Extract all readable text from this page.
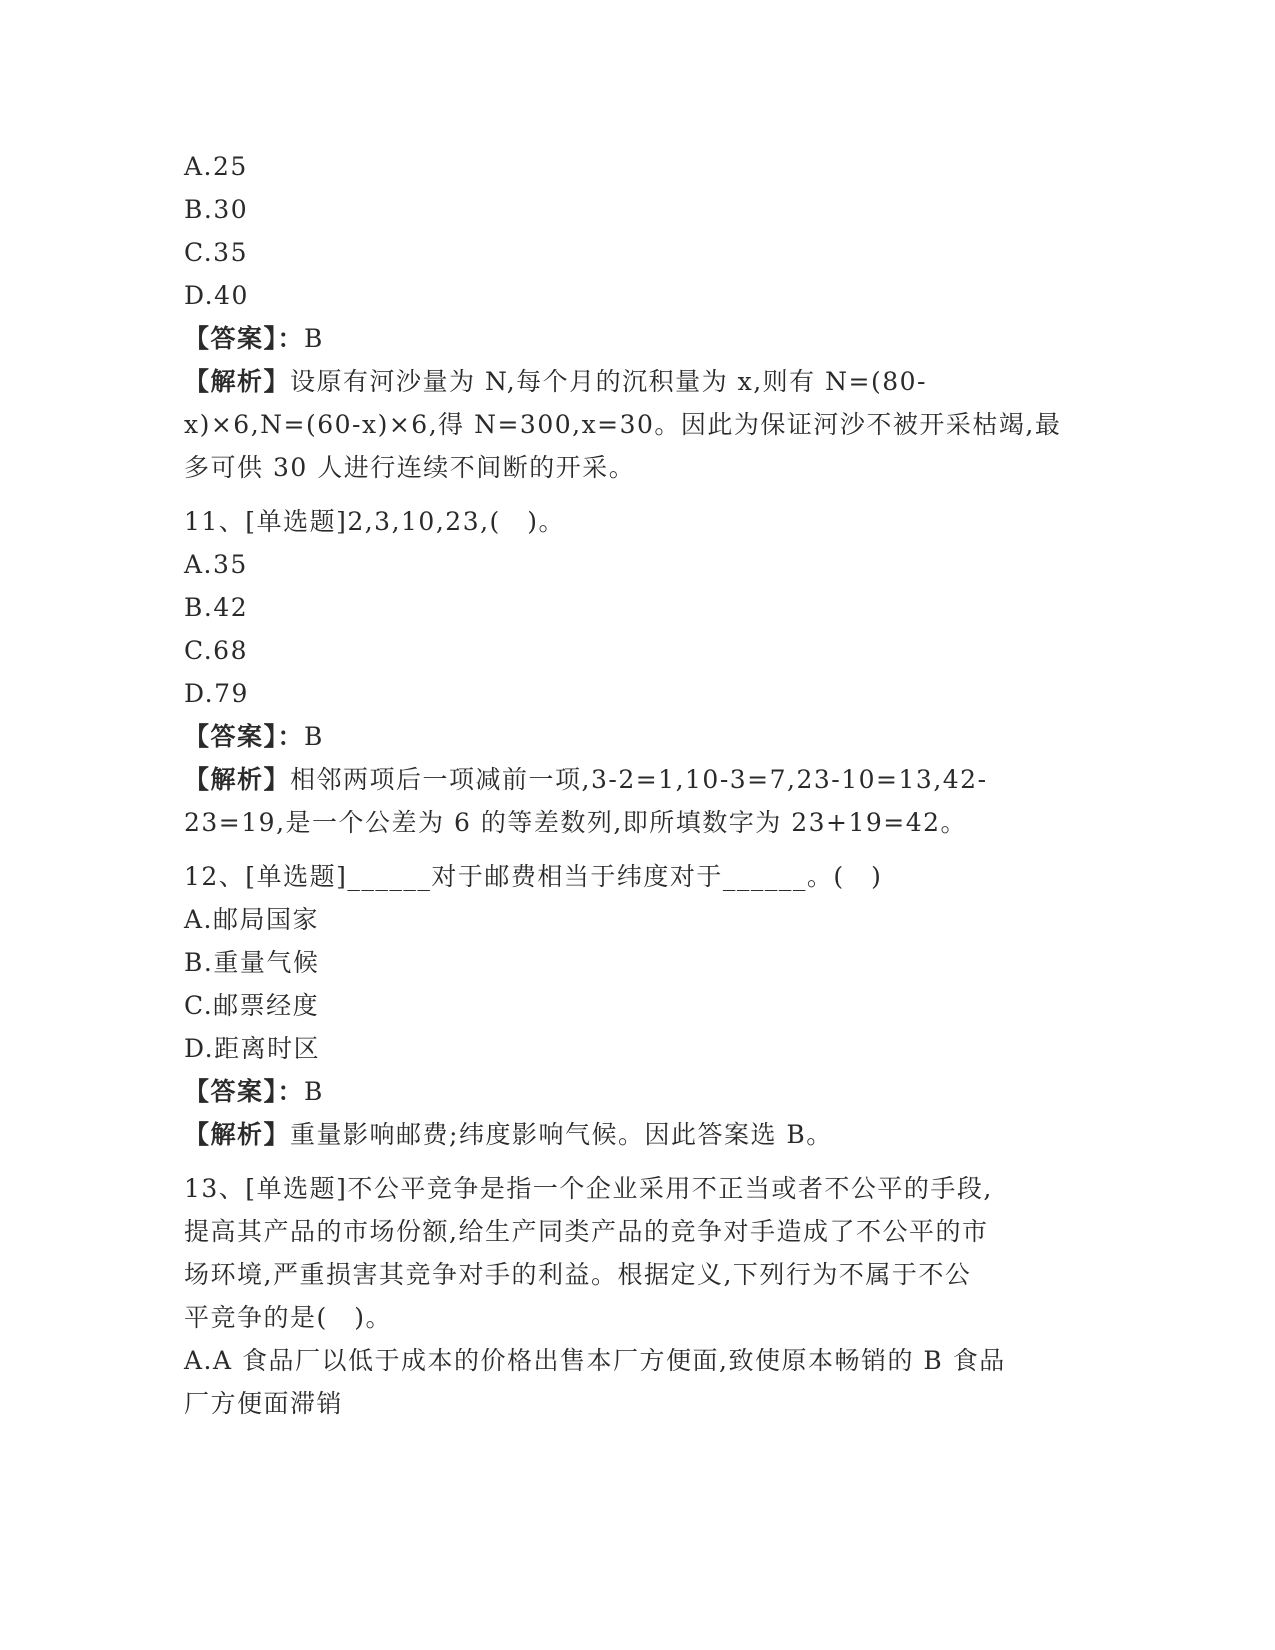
A.25
B.30
C.35
D.40
【答案】：B
【解析】设原有河沙量为 N,每个月的沉积量为 x,则有 N=(80-
x)×6,N=(60-x)×6,得 N=300,x=30。因此为保证河沙不被开采枯竭,最
多可供 30 人进行连续不间断的开采。
11、[单选题]2,3,10,23,(　)。
A.35
B.42
C.68
D.79
【答案】：B
【解析】相邻两项后一项减前一项,3-2=1,10-3=7,23-10=13,42-
23=19,是一个公差为 6 的等差数列,即所填数字为 23+19=42。
12、[单选题]______对于邮费相当于纬度对于______。(　)
A.邮局国家
B.重量气候
C.邮票经度
D.距离时区
【答案】：B
【解析】重量影响邮费;纬度影响气候。因此答案选 B。
13、[单选题]不公平竞争是指一个企业采用不正当或者不公平的手段,
提高其产品的市场份额,给生产同类产品的竞争对手造成了不公平的市
场环境,严重损害其竞争对手的利益。根据定义,下列行为不属于不公
平竞争的是(　)。
A.A 食品厂以低于成本的价格出售本厂方便面,致使原本畅销的 B 食品
厂方便面滞销
